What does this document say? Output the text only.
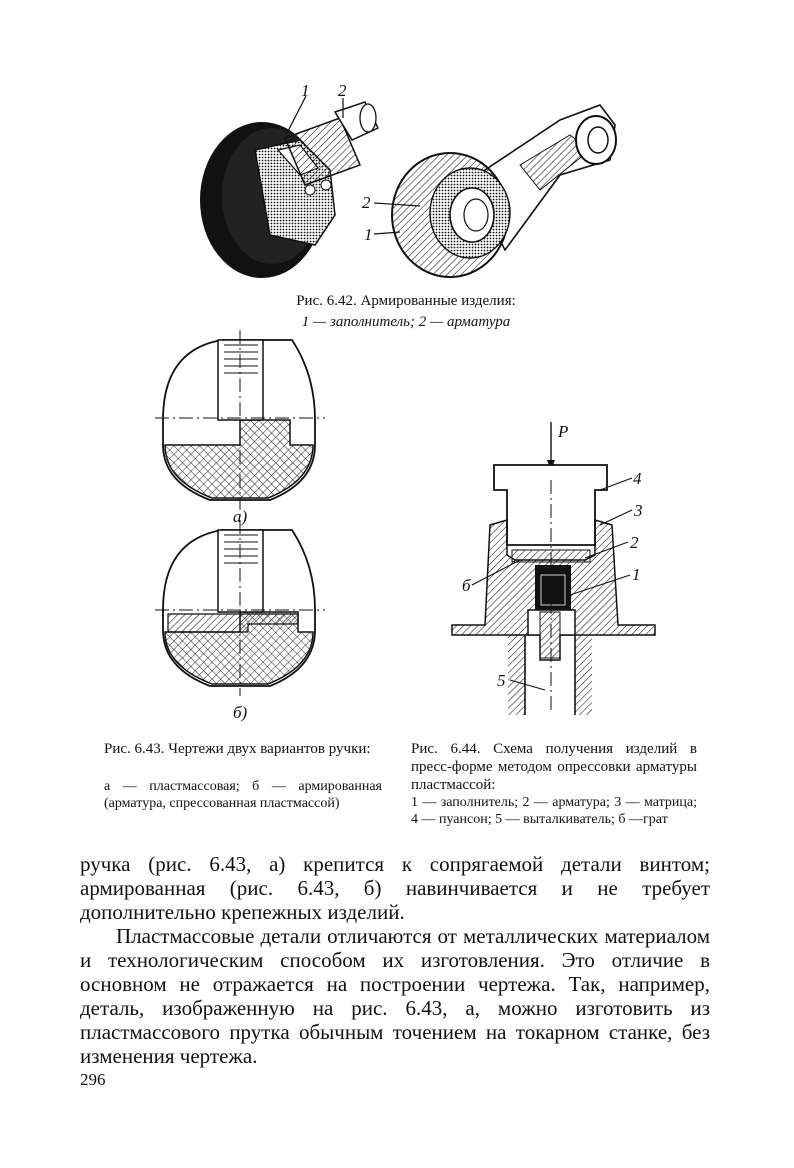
1 2
2
1
Рис. 6.42. Армированные изделия:
1 — заполнитель; 2 — арматура
а)
б)
P
4
3
2
б
1
5
Рис. 6.43. Чертежи двух вариантов ручки:
а — пластмассовая; б — армированная (арматура, спрессованная пластмассой)
Рис. 6.44. Схема получения изделий в пресс-форме методом опрессовки арматуры пластмассой:
1 — заполнитель; 2 — арматура; 3 — матрица; 4 — пуансон; 5 — выталкиватель; б —грат
ручка (рис. 6.43, а) крепится к сопрягаемой детали винтом; армированная (рис. 6.43, б) навинчивается и не требует дополнительно крепежных изделий.
Пластмассовые детали отличаются от металлических материалом и технологическим способом их изготовления. Это отличие в основном не отражается на построении чертежа. Так, например, деталь, изображенную на рис. 6.43, а, можно изготовить из пластмассового прутка обычным точением на токарном станке, без изменения чертежа.
296
